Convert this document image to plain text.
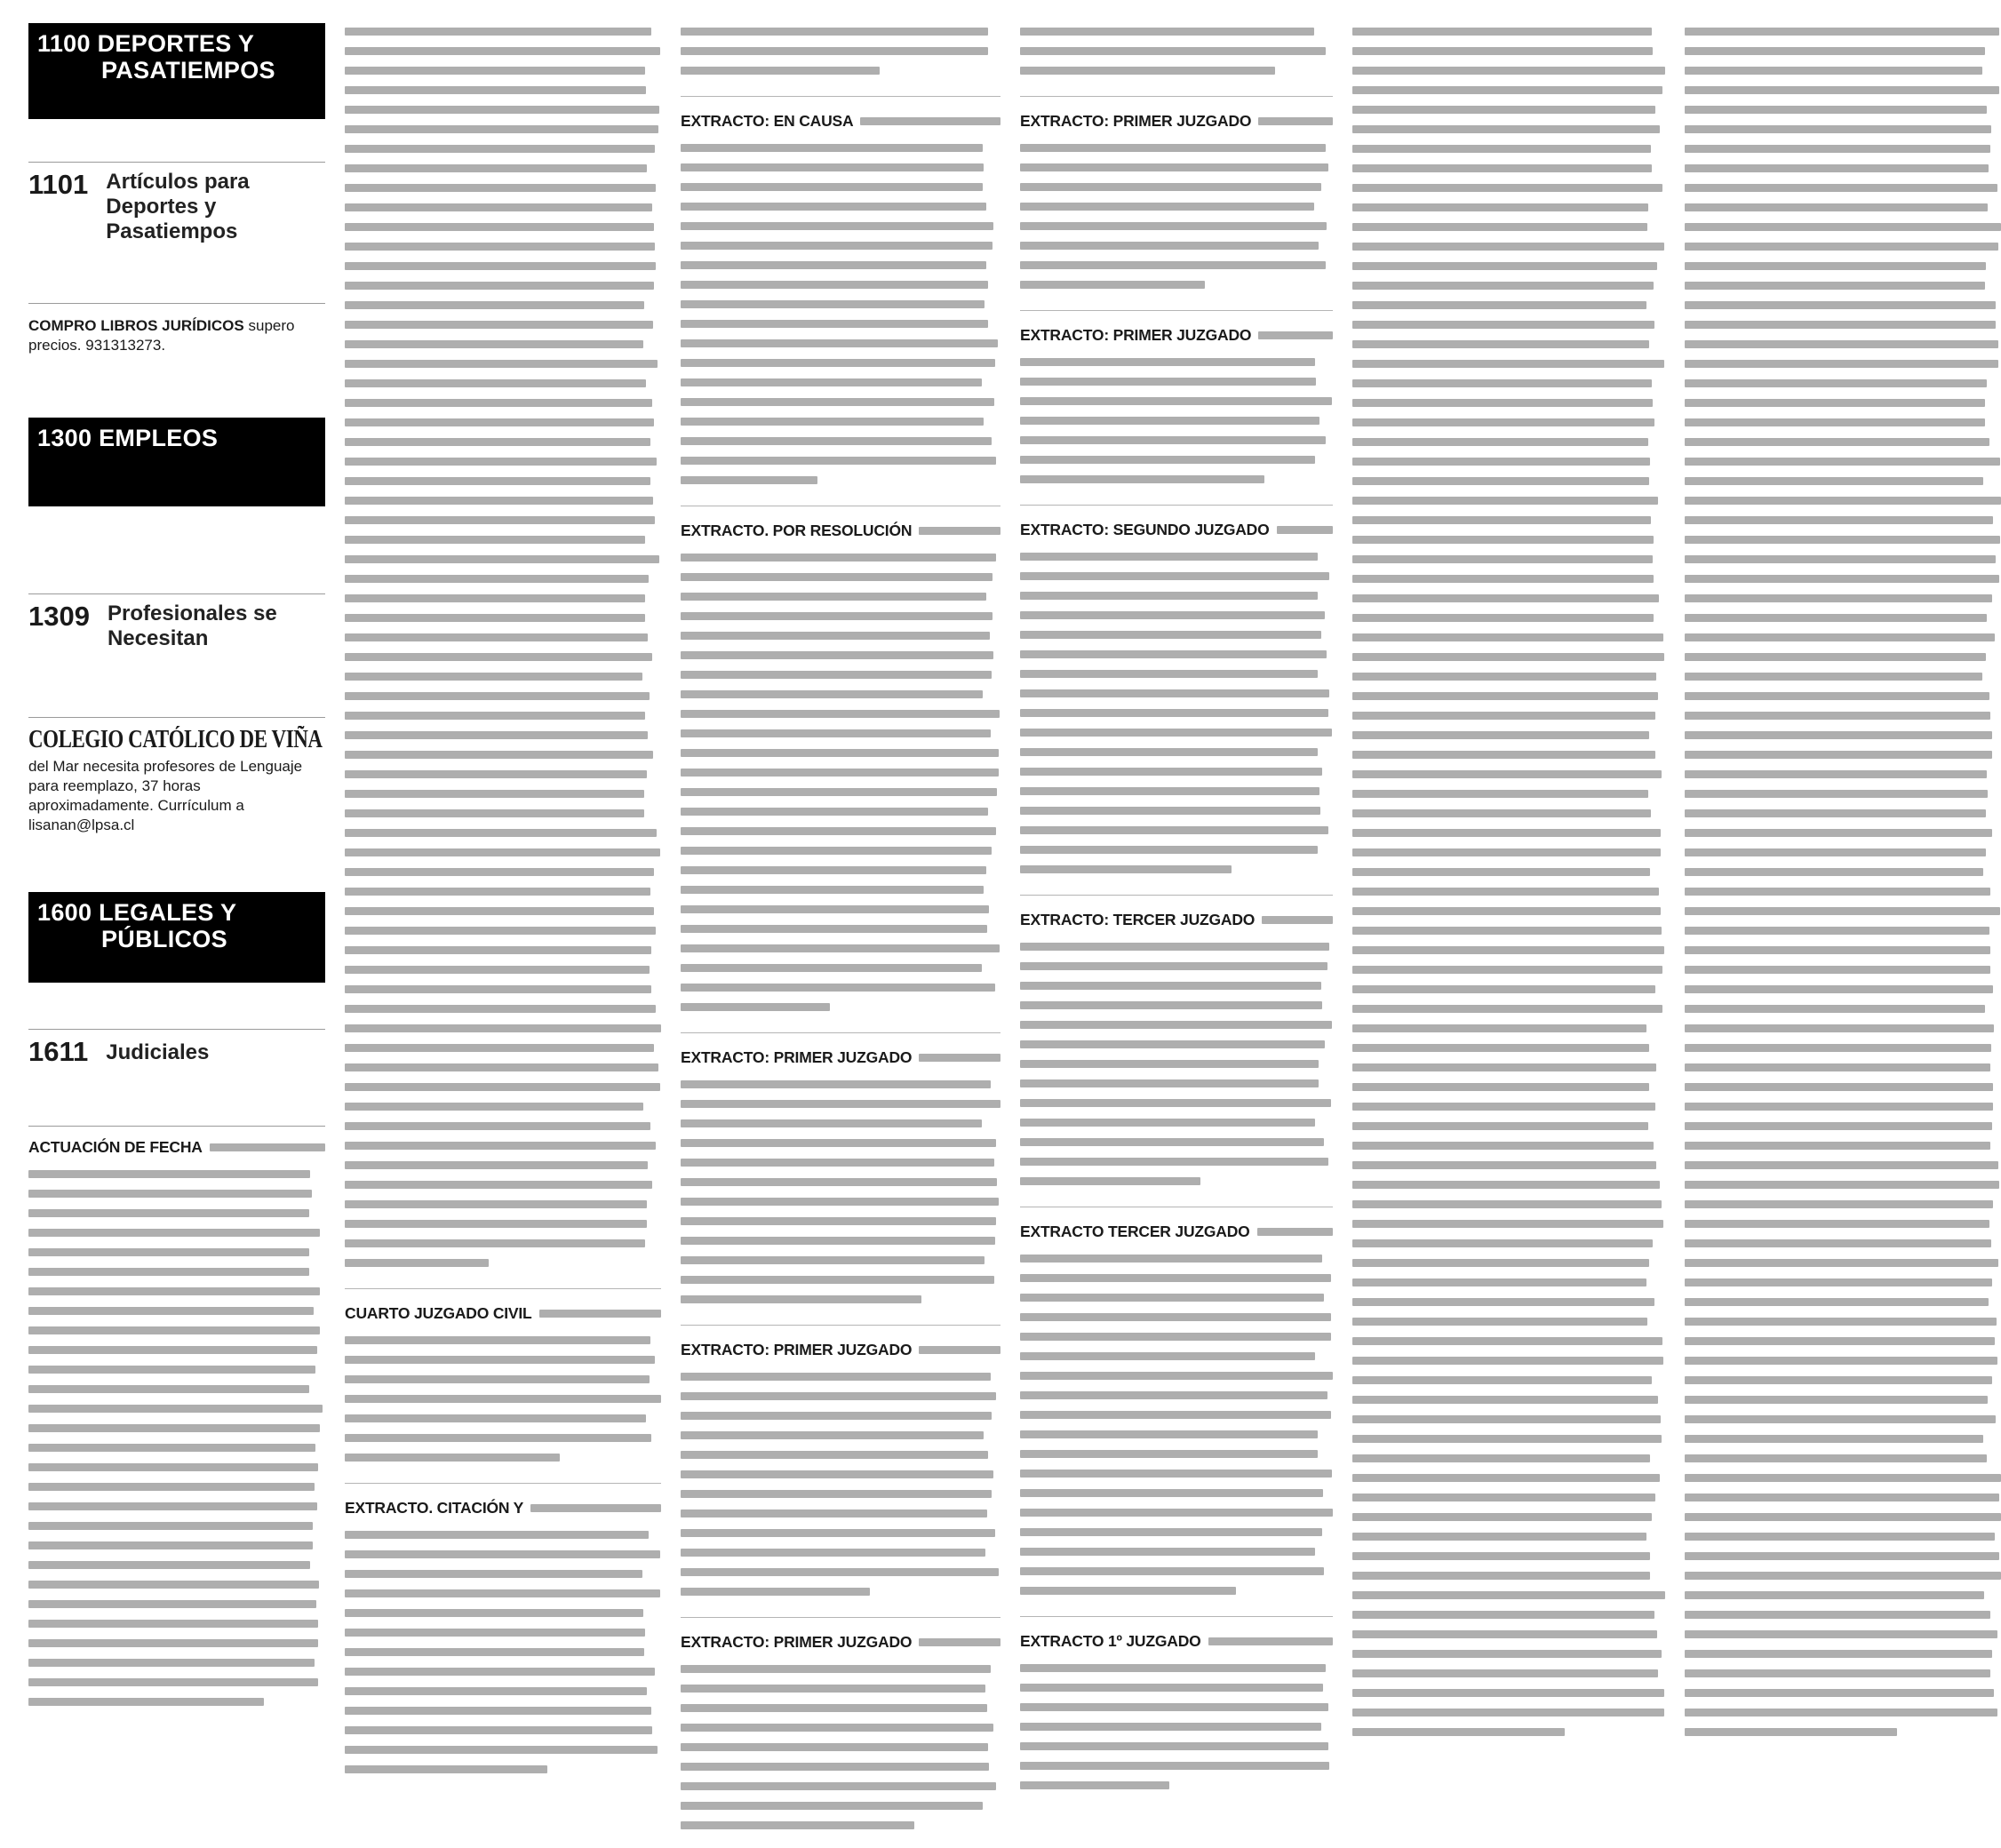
1100 DEPORTES Y
PASATIEMPOS
1101 Artículos para Deportes y Pasatiempos
COMPRO LIBROS JURÍDICOS supero precios. 931313273.
1300 EMPLEOS
1309 Profesionales se Necesitan
COLEGIO CATÓLICO DE VIÑA
del Mar necesita profesores de Lenguaje para reemplazo, 37 horas aproximadamente. Currículum a lisanan@lpsa.cl
1600 LEGALES Y
PÚBLICOS
1611 Judiciales
ACTUACIÓN DE FECHA
CUARTO JUZGADO CIVIL
EXTRACTO. CITACIÓN Y
EXTRACTO: EN CAUSA
EXTRACTO. POR RESOLUCIÓN
EXTRACTO: PRIMER JUZGADO
EXTRACTO: PRIMER JUZGADO
EXTRACTO: PRIMER JUZGADO
EXTRACTO: PRIMER JUZGADO
EXTRACTO: PRIMER JUZGADO
EXTRACTO: SEGUNDO JUZGADO
EXTRACTO: TERCER JUZGADO
EXTRACTO TERCER JUZGADO
EXTRACTO 1º JUZGADO
